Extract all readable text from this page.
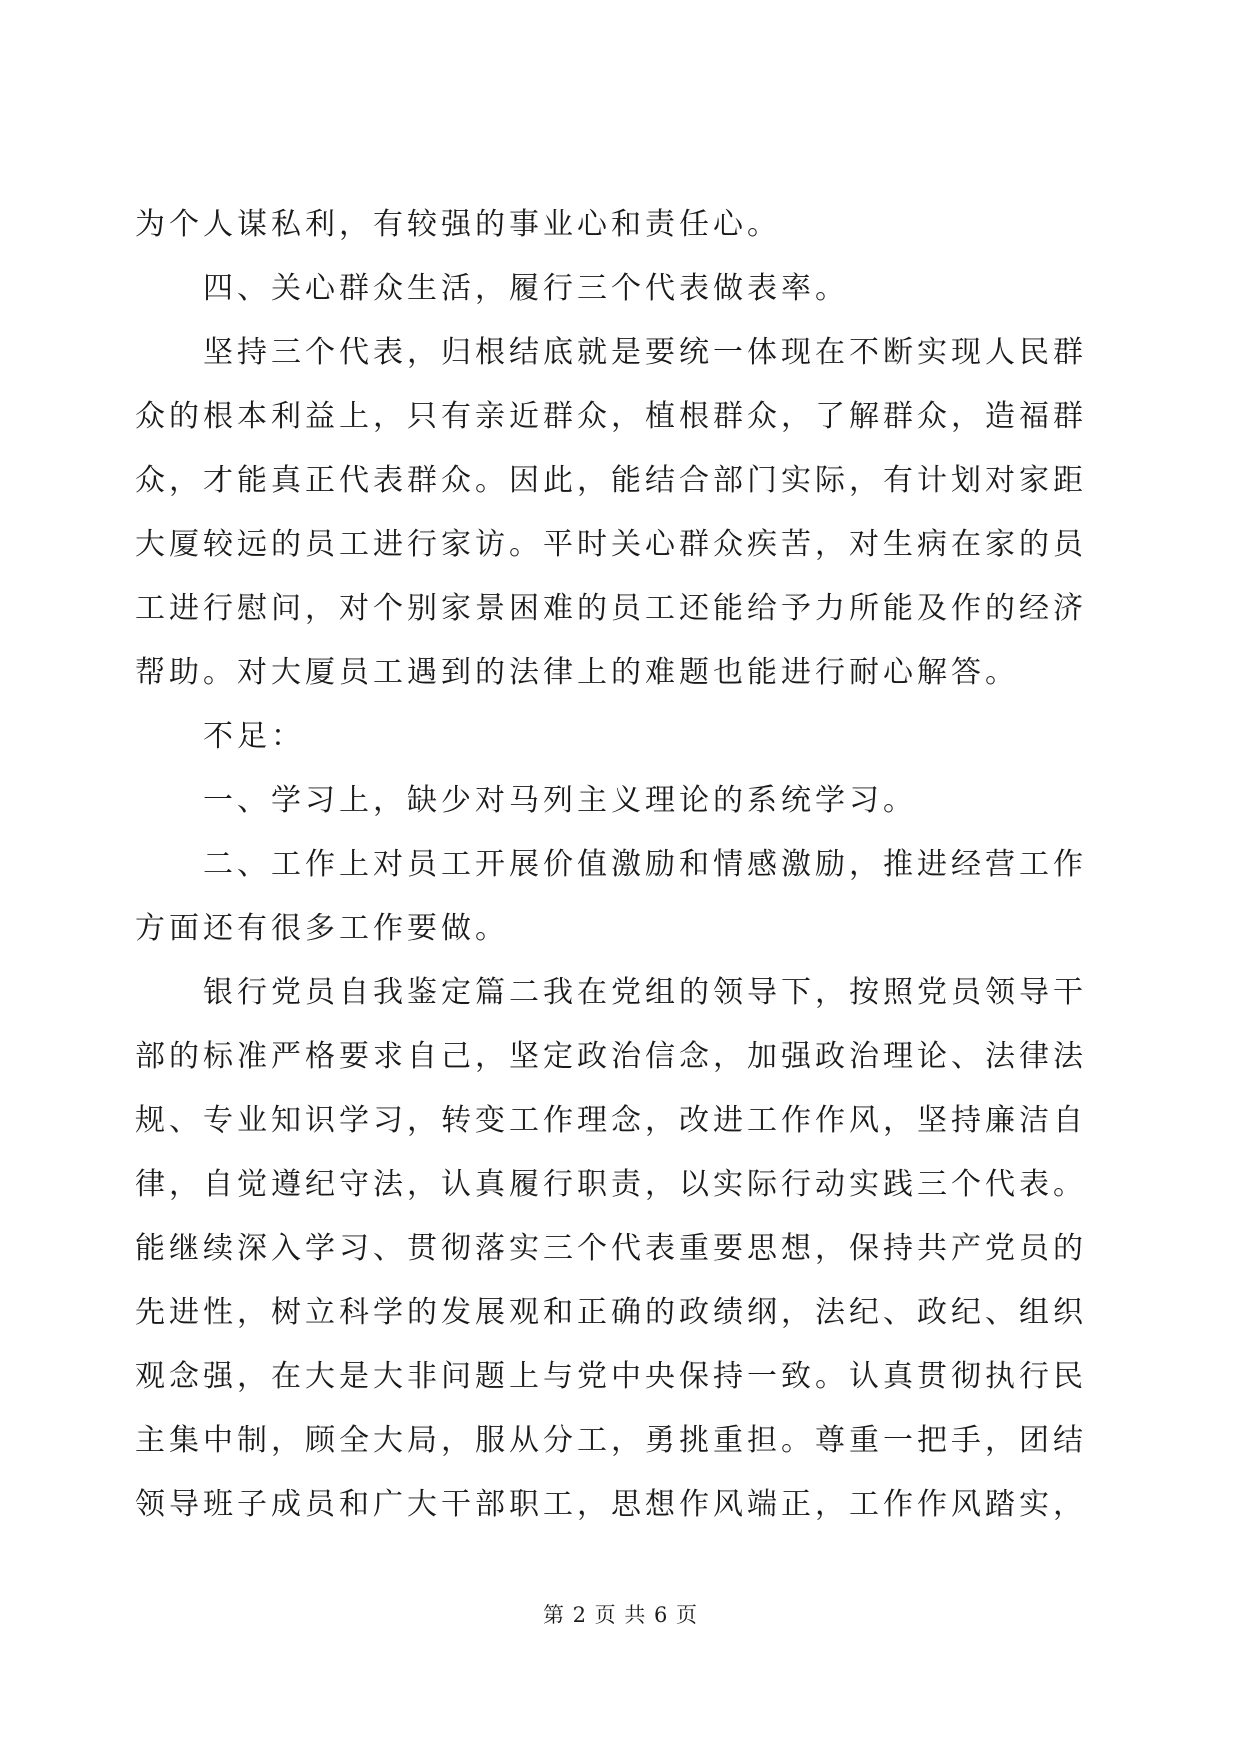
为个人谋私利，有较强的事业心和责任心。
　　四、关心群众生活，履行三个代表做表率。
　　坚持三个代表，归根结底就是要统一体现在不断实现人民群
众的根本利益上，只有亲近群众，植根群众，了解群众，造福群
众，才能真正代表群众。因此，能结合部门实际，有计划对家距
大厦较远的员工进行家访。平时关心群众疾苦，对生病在家的员
工进行慰问，对个别家景困难的员工还能给予力所能及作的经济
帮助。对大厦员工遇到的法律上的难题也能进行耐心解答。
　　不足：
　　一、学习上，缺少对马列主义理论的系统学习。
　　二、工作上对员工开展价值激励和情感激励，推进经营工作
方面还有很多工作要做。
　　银行党员自我鉴定篇二我在党组的领导下，按照党员领导干
部的标准严格要求自己，坚定政治信念，加强政治理论、法律法
规、专业知识学习，转变工作理念，改进工作作风，坚持廉洁自
律，自觉遵纪守法，认真履行职责，以实际行动实践三个代表。
能继续深入学习、贯彻落实三个代表重要思想，保持共产党员的
先进性，树立科学的发展观和正确的政绩纲，法纪、政纪、组织
观念强，在大是大非问题上与党中央保持一致。认真贯彻执行民
主集中制，顾全大局，服从分工，勇挑重担。尊重一把手，团结
领导班子成员和广大干部职工，思想作风端正，工作作风踏实，
第 2 页 共 6 页
